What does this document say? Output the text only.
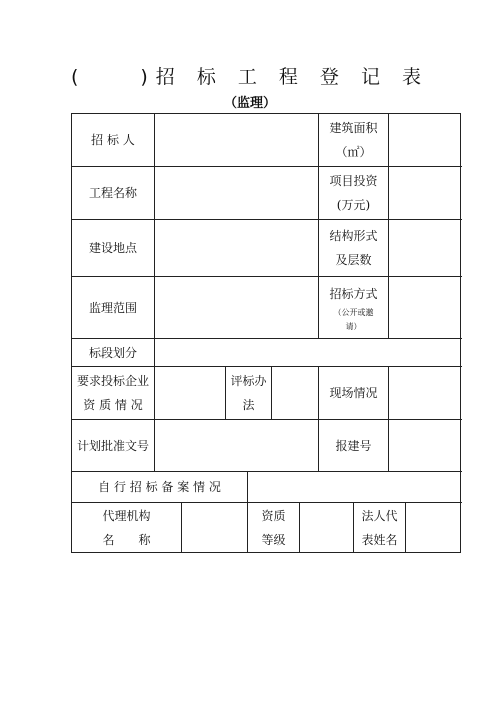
(　　)招 标 工 程 登 记 表
（监理）
招 标 人
建筑面积
（㎡）
工程名称
项目投资
(万元)
建设地点
结构形式
及层数
监理范围
招标方式
（公开或邀
请）
标段划分
要求投标企业
资 质 情 况
评标办
法
现场情况
计划批准文号	报建号
自 行 招 标 备 案 情 况
代理机构
名　　称
资质
等级
法人代
表姓名
